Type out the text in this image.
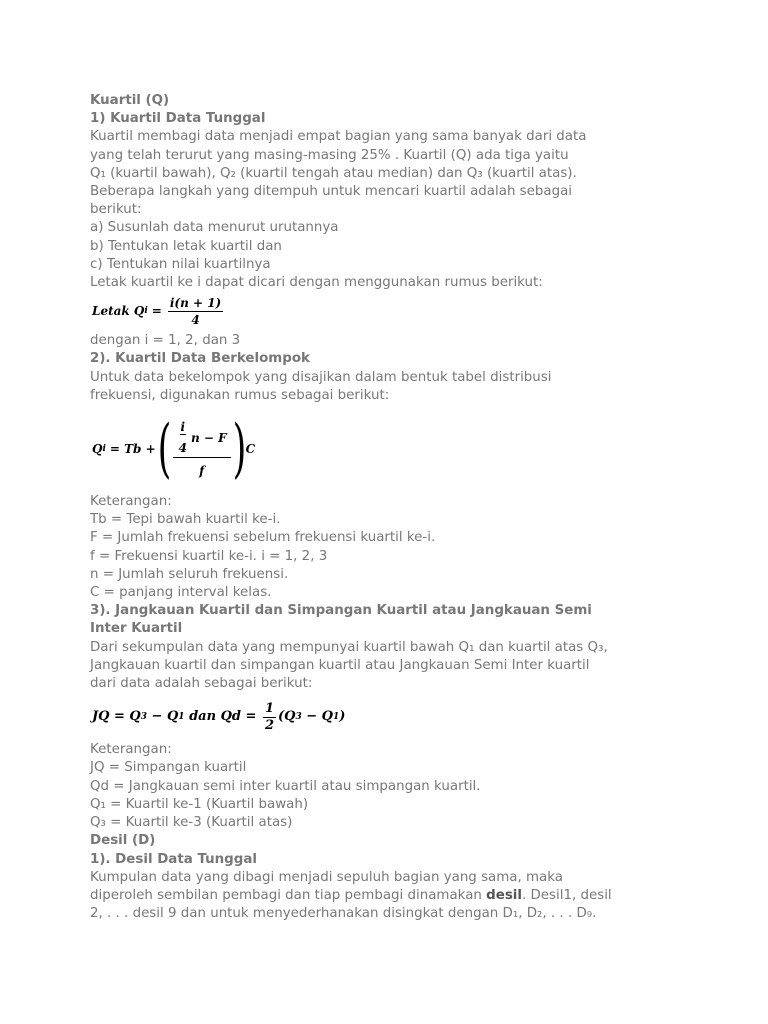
Kuartil (Q)
1) Kuartil Data Tunggal
Kuartil membagi data menjadi empat bagian yang sama banyak dari data
yang telah terurut yang masing-masing 25% . Kuartil (Q) ada tiga yaitu
Q₁ (kuartil bawah), Q₂ (kuartil tengah atau median) dan Q₃ (kuartil atas).
Beberapa langkah yang ditempuh untuk mencari kuartil adalah sebagai
berikut:
a) Susunlah data menurut urutannya
b) Tentukan letak kuartil dan
c) Tentukan nilai kuartilnya
Letak kuartil ke i dapat dicari dengan menggunakan rumus berikut:
Letak Q $i = \frac{i(n + 1)}{4}$
dengan i = 1, 2, dan 3
2). Kuartil Data Berkelompok
Untuk data bekelompok yang disajikan dalam bentuk tabel distribusi
frekuensi, digunakan rumus sebagai berikut:
Q i = Tb + ( $\frac{\frac{i}{4} n - F}{f}$ ) C
Keterangan:
Tb = Tepi bawah kuartil ke-i.
F = Jumlah frekuensi sebelum frekuensi kuartil ke-i.
f = Frekuensi kuartil ke-i. i = 1, 2, 3
n = Jumlah seluruh frekuensi.
C = panjang interval kelas.
3). Jangkauan Kuartil dan Simpangan Kuartil atau Jangkauan Semi
Inter Kuartil
Dari sekumpulan data yang mempunyai kuartil bawah Q₁ dan kuartil atas Q₃,
Jangkauan kuartil dan simpangan kuartil atau Jangkauan Semi Inter kuartil
dari data adalah sebagai berikut:
JQ = Q 3 − Q 1 dan $Qd = \frac{1}{2} (Q$ 3 − Q 1 )
Keterangan:
JQ = Simpangan kuartil
Qd = Jangkauan semi inter kuartil atau simpangan kuartil.
Q₁ = Kuartil ke-1 (Kuartil bawah)
Q₃ = Kuartil ke-3 (Kuartil atas)
Desil (D)
1). Desil Data Tunggal
Kumpulan data yang dibagi menjadi sepuluh bagian yang sama, maka
diperoleh sembilan pembagi dan tiap pembagi dinamakan desil. Desil1, desil
2, . . . desil 9 dan untuk menyederhanakan disingkat dengan D₁, D₂, . . . D₉.
